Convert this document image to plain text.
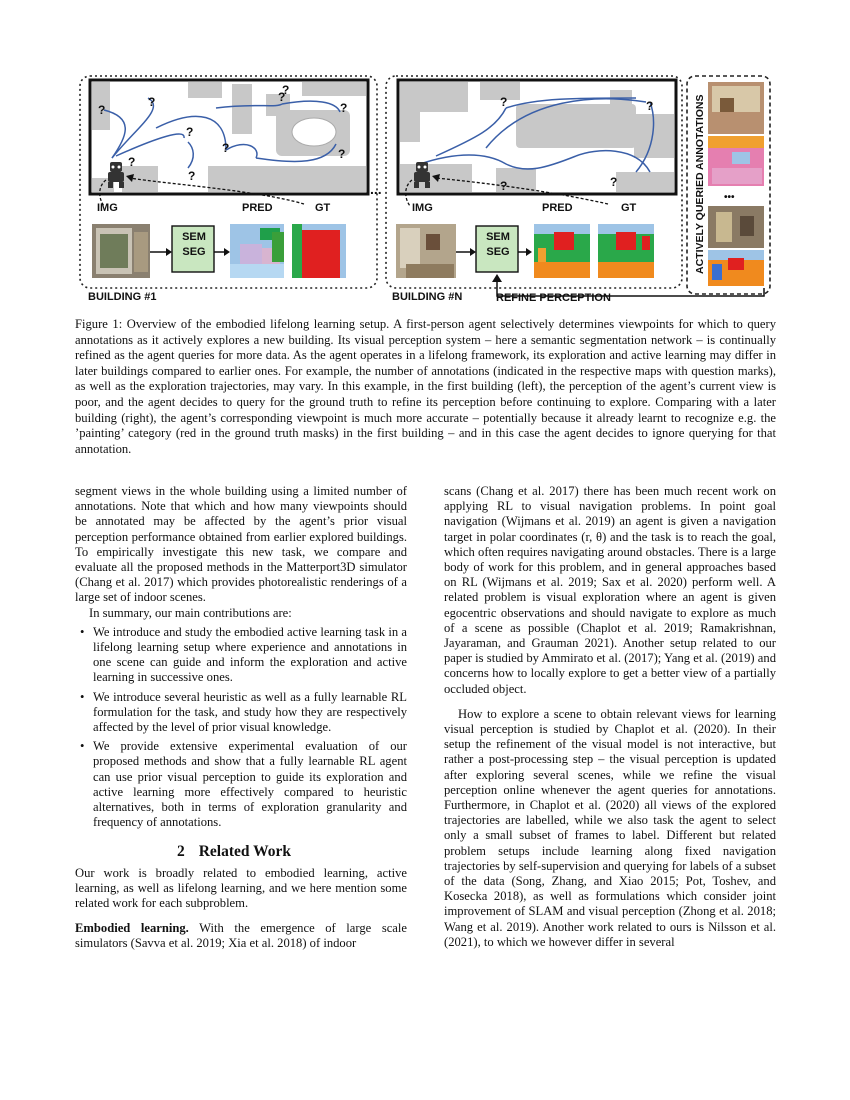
?
?
?
?
?
?
?
?
?
?
...
?	?
?	?
•••
IMG	PRED	GT
SEM
SEG
BUILDING #1
IMG	PRED	GT
SEM
SEG
BUILDING #N	REFINE PERCEPTION
ACTIVELY QUERIED ANNOTATIONS
Figure 1: Overview of the embodied lifelong learning setup. A first-person agent selectively determines viewpoints for which to query annotations as it actively explores a new building. Its visual perception system – here a semantic segmentation network – is continually refined as the agent queries for more data. As the agent operates in a lifelong framework, its exploration and active learning may differ in later buildings compared to earlier ones. For example, the number of annotations (indicated in the respective maps with question marks), as well as the exploration trajectories, may vary. In this example, in the first building (left), the perception of the agent’s current view is poor, and the agent decides to query for the ground truth to refine its perception before continuing to explore. Comparing with a later building (right), the agent’s corresponding viewpoint is much more accurate – potentially because it already learnt to recognize e.g. the ’painting’ category (red in the ground truth masks) in the first building – and in this case the agent decides to ignore querying for that annotation.

segment views in the whole building using a limited number of annotations. Note that which and how many viewpoints should be annotated may be affected by the agent’s prior visual perception performance obtained from earlier explored buildings. To empirically investigate this new task, we compare and evaluate all the proposed methods in the Matterport3D simulator (Chang et al. 2017) which provides photorealistic renderings of a large set of indoor scenes.

In summary, our main contributions are:

• We introduce and study the embodied active learning task in a lifelong learning setup where experience and annotations in one scene can guide and inform the exploration and active learning in successive ones.
• We introduce several heuristic as well as a fully learnable RL formulation for the task, and study how they are respectively affected by the level of prior visual knowledge.
• We provide extensive experimental evaluation of our proposed methods and show that a fully learnable RL agent can use prior visual perception to guide its exploration and active learning more effectively compared to heuristic alternatives, both in terms of exploration granularity and frequency of annotations.
2 Related Work

Our work is broadly related to embodied learning, active learning, as well as lifelong learning, and we here mention some related work for each subproblem.

Embodied learning. With the emergence of large scale simulators (Savva et al. 2019; Xia et al. 2018) of indoor

scans (Chang et al. 2017) there has been much recent work on applying RL to visual navigation problems. In point goal navigation (Wijmans et al. 2019) an agent is given a navigation target in polar coordinates (r, θ) and the task is to reach the goal, which often requires navigating around obstacles. There is a large body of work for this problem, and in general approaches based on RL (Wijmans et al. 2019; Sax et al. 2020) perform well. A related problem is visual exploration where an agent is given egocentric observations and should navigate to explore as much of a scene as possible (Chaplot et al. 2019; Ramakrishnan, Jayaraman, and Grauman 2021). Another setup related to our paper is studied by Ammirato et al. (2017); Yang et al. (2019) and concerns how to locally explore to get a better view of a partially occluded object.

How to explore a scene to obtain relevant views for learning visual perception is studied by Chaplot et al. (2020). In their setup the refinement of the visual model is not interactive, but rather a post-processing step – the visual perception is updated after exploring several scenes, while we refine the visual perception online whenever the agent queries for annotations. Furthermore, in Chaplot et al. (2020) all views of the explored trajectories are labelled, while we also task the agent to select only a small subset of frames to label. Different but related problem setups include learning along fixed navigation trajectories by self-supervision and querying for labels of a subset of the data (Song, Zhang, and Xiao 2015; Pot, Toshev, and Kosecka 2018), as well as formulations which consider joint improvement of SLAM and visual perception (Zhong et al. 2018; Wang et al. 2019). Another work related to ours is Nilsson et al. (2021), to which we however differ in several
